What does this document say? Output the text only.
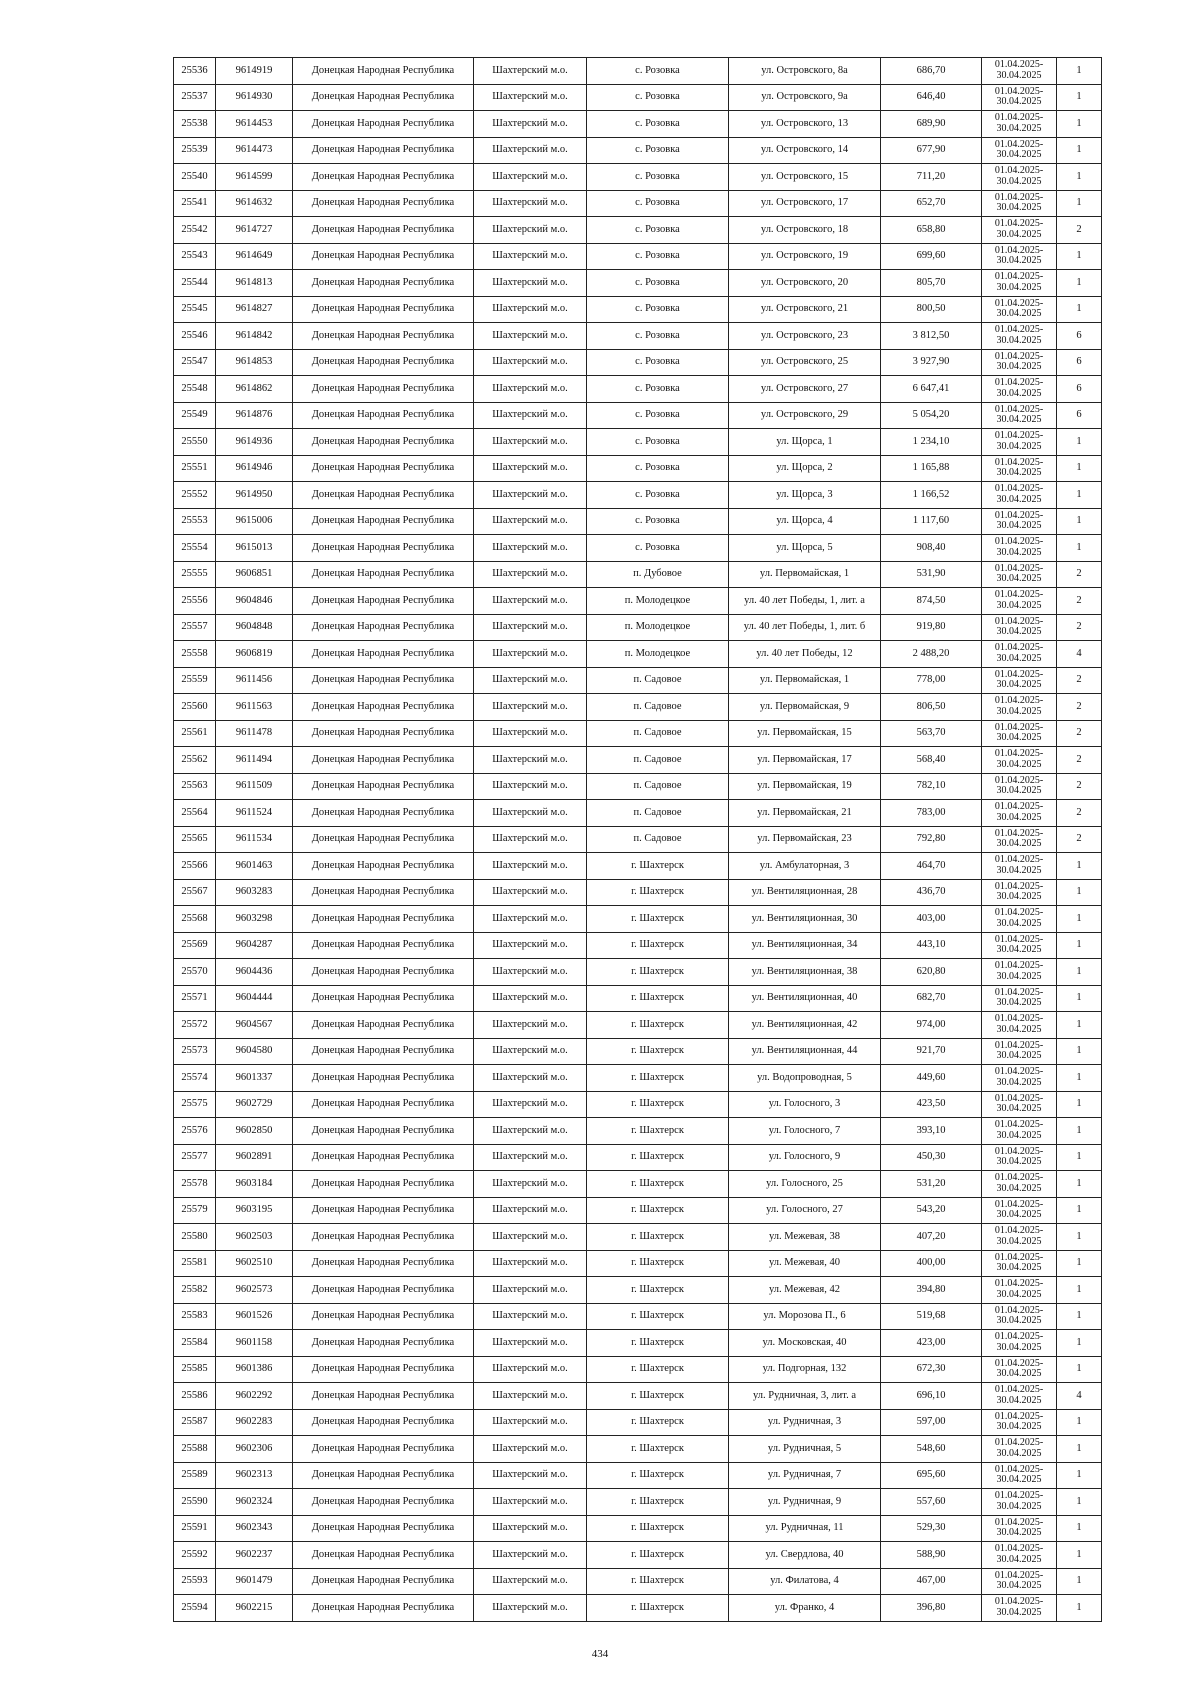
25536	9614919	Донецкая Народная Республика	Шахтерский м.о.	с. Розовка	ул. Островского, 8а	686,70	01.04.2025-30.04.2025	1
25537	9614930	Донецкая Народная Республика	Шахтерский м.о.	с. Розовка	ул. Островского, 9а	646,40	01.04.2025-30.04.2025	1
25538	9614453	Донецкая Народная Республика	Шахтерский м.о.	с. Розовка	ул. Островского, 13	689,90	01.04.2025-30.04.2025	1
25539	9614473	Донецкая Народная Республика	Шахтерский м.о.	с. Розовка	ул. Островского, 14	677,90	01.04.2025-30.04.2025	1
25540	9614599	Донецкая Народная Республика	Шахтерский м.о.	с. Розовка	ул. Островского, 15	711,20	01.04.2025-30.04.2025	1
25541	9614632	Донецкая Народная Республика	Шахтерский м.о.	с. Розовка	ул. Островского, 17	652,70	01.04.2025-30.04.2025	1
25542	9614727	Донецкая Народная Республика	Шахтерский м.о.	с. Розовка	ул. Островского, 18	658,80	01.04.2025-30.04.2025	2
25543	9614649	Донецкая Народная Республика	Шахтерский м.о.	с. Розовка	ул. Островского, 19	699,60	01.04.2025-30.04.2025	1
25544	9614813	Донецкая Народная Республика	Шахтерский м.о.	с. Розовка	ул. Островского, 20	805,70	01.04.2025-30.04.2025	1
25545	9614827	Донецкая Народная Республика	Шахтерский м.о.	с. Розовка	ул. Островского, 21	800,50	01.04.2025-30.04.2025	1
25546	9614842	Донецкая Народная Республика	Шахтерский м.о.	с. Розовка	ул. Островского, 23	3 812,50	01.04.2025-30.04.2025	6
25547	9614853	Донецкая Народная Республика	Шахтерский м.о.	с. Розовка	ул. Островского, 25	3 927,90	01.04.2025-30.04.2025	6
25548	9614862	Донецкая Народная Республика	Шахтерский м.о.	с. Розовка	ул. Островского, 27	6 647,41	01.04.2025-30.04.2025	6
25549	9614876	Донецкая Народная Республика	Шахтерский м.о.	с. Розовка	ул. Островского, 29	5 054,20	01.04.2025-30.04.2025	6
25550	9614936	Донецкая Народная Республика	Шахтерский м.о.	с. Розовка	ул. Щорса, 1	1 234,10	01.04.2025-30.04.2025	1
25551	9614946	Донецкая Народная Республика	Шахтерский м.о.	с. Розовка	ул. Щорса, 2	1 165,88	01.04.2025-30.04.2025	1
25552	9614950	Донецкая Народная Республика	Шахтерский м.о.	с. Розовка	ул. Щорса, 3	1 166,52	01.04.2025-30.04.2025	1
25553	9615006	Донецкая Народная Республика	Шахтерский м.о.	с. Розовка	ул. Щорса, 4	1 117,60	01.04.2025-30.04.2025	1
25554	9615013	Донецкая Народная Республика	Шахтерский м.о.	с. Розовка	ул. Щорса, 5	908,40	01.04.2025-30.04.2025	1
25555	9606851	Донецкая Народная Республика	Шахтерский м.о.	п. Дубовое	ул. Первомайская, 1	531,90	01.04.2025-30.04.2025	2
25556	9604846	Донецкая Народная Республика	Шахтерский м.о.	п. Молодецкое	ул. 40 лет Победы, 1, лит. а	874,50	01.04.2025-30.04.2025	2
25557	9604848	Донецкая Народная Республика	Шахтерский м.о.	п. Молодецкое	ул. 40 лет Победы, 1, лит. б	919,80	01.04.2025-30.04.2025	2
25558	9606819	Донецкая Народная Республика	Шахтерский м.о.	п. Молодецкое	ул. 40 лет Победы, 12	2 488,20	01.04.2025-30.04.2025	4
25559	9611456	Донецкая Народная Республика	Шахтерский м.о.	п. Садовое	ул. Первомайская, 1	778,00	01.04.2025-30.04.2025	2
25560	9611563	Донецкая Народная Республика	Шахтерский м.о.	п. Садовое	ул. Первомайская, 9	806,50	01.04.2025-30.04.2025	2
25561	9611478	Донецкая Народная Республика	Шахтерский м.о.	п. Садовое	ул. Первомайская, 15	563,70	01.04.2025-30.04.2025	2
25562	9611494	Донецкая Народная Республика	Шахтерский м.о.	п. Садовое	ул. Первомайская, 17	568,40	01.04.2025-30.04.2025	2
25563	9611509	Донецкая Народная Республика	Шахтерский м.о.	п. Садовое	ул. Первомайская, 19	782,10	01.04.2025-30.04.2025	2
25564	9611524	Донецкая Народная Республика	Шахтерский м.о.	п. Садовое	ул. Первомайская, 21	783,00	01.04.2025-30.04.2025	2
25565	9611534	Донецкая Народная Республика	Шахтерский м.о.	п. Садовое	ул. Первомайская, 23	792,80	01.04.2025-30.04.2025	2
25566	9601463	Донецкая Народная Республика	Шахтерский м.о.	г. Шахтерск	ул. Амбулаторная, 3	464,70	01.04.2025-30.04.2025	1
25567	9603283	Донецкая Народная Республика	Шахтерский м.о.	г. Шахтерск	ул. Вентиляционная, 28	436,70	01.04.2025-30.04.2025	1
25568	9603298	Донецкая Народная Республика	Шахтерский м.о.	г. Шахтерск	ул. Вентиляционная, 30	403,00	01.04.2025-30.04.2025	1
25569	9604287	Донецкая Народная Республика	Шахтерский м.о.	г. Шахтерск	ул. Вентиляционная, 34	443,10	01.04.2025-30.04.2025	1
25570	9604436	Донецкая Народная Республика	Шахтерский м.о.	г. Шахтерск	ул. Вентиляционная, 38	620,80	01.04.2025-30.04.2025	1
25571	9604444	Донецкая Народная Республика	Шахтерский м.о.	г. Шахтерск	ул. Вентиляционная, 40	682,70	01.04.2025-30.04.2025	1
25572	9604567	Донецкая Народная Республика	Шахтерский м.о.	г. Шахтерск	ул. Вентиляционная, 42	974,00	01.04.2025-30.04.2025	1
25573	9604580	Донецкая Народная Республика	Шахтерский м.о.	г. Шахтерск	ул. Вентиляционная, 44	921,70	01.04.2025-30.04.2025	1
25574	9601337	Донецкая Народная Республика	Шахтерский м.о.	г. Шахтерск	ул. Водопроводная, 5	449,60	01.04.2025-30.04.2025	1
25575	9602729	Донецкая Народная Республика	Шахтерский м.о.	г. Шахтерск	ул. Голосного, 3	423,50	01.04.2025-30.04.2025	1
25576	9602850	Донецкая Народная Республика	Шахтерский м.о.	г. Шахтерск	ул. Голосного, 7	393,10	01.04.2025-30.04.2025	1
25577	9602891	Донецкая Народная Республика	Шахтерский м.о.	г. Шахтерск	ул. Голосного, 9	450,30	01.04.2025-30.04.2025	1
25578	9603184	Донецкая Народная Республика	Шахтерский м.о.	г. Шахтерск	ул. Голосного, 25	531,20	01.04.2025-30.04.2025	1
25579	9603195	Донецкая Народная Республика	Шахтерский м.о.	г. Шахтерск	ул. Голосного, 27	543,20	01.04.2025-30.04.2025	1
25580	9602503	Донецкая Народная Республика	Шахтерский м.о.	г. Шахтерск	ул. Межевая, 38	407,20	01.04.2025-30.04.2025	1
25581	9602510	Донецкая Народная Республика	Шахтерский м.о.	г. Шахтерск	ул. Межевая, 40	400,00	01.04.2025-30.04.2025	1
25582	9602573	Донецкая Народная Республика	Шахтерский м.о.	г. Шахтерск	ул. Межевая, 42	394,80	01.04.2025-30.04.2025	1
25583	9601526	Донецкая Народная Республика	Шахтерский м.о.	г. Шахтерск	ул. Морозова П., 6	519,68	01.04.2025-30.04.2025	1
25584	9601158	Донецкая Народная Республика	Шахтерский м.о.	г. Шахтерск	ул. Московская, 40	423,00	01.04.2025-30.04.2025	1
25585	9601386	Донецкая Народная Республика	Шахтерский м.о.	г. Шахтерск	ул. Подгорная, 132	672,30	01.04.2025-30.04.2025	1
25586	9602292	Донецкая Народная Республика	Шахтерский м.о.	г. Шахтерск	ул. Рудничная, 3, лит. а	696,10	01.04.2025-30.04.2025	4
25587	9602283	Донецкая Народная Республика	Шахтерский м.о.	г. Шахтерск	ул. Рудничная, 3	597,00	01.04.2025-30.04.2025	1
25588	9602306	Донецкая Народная Республика	Шахтерский м.о.	г. Шахтерск	ул. Рудничная, 5	548,60	01.04.2025-30.04.2025	1
25589	9602313	Донецкая Народная Республика	Шахтерский м.о.	г. Шахтерск	ул. Рудничная, 7	695,60	01.04.2025-30.04.2025	1
25590	9602324	Донецкая Народная Республика	Шахтерский м.о.	г. Шахтерск	ул. Рудничная, 9	557,60	01.04.2025-30.04.2025	1
25591	9602343	Донецкая Народная Республика	Шахтерский м.о.	г. Шахтерск	ул. Рудничная, 11	529,30	01.04.2025-30.04.2025	1
25592	9602237	Донецкая Народная Республика	Шахтерский м.о.	г. Шахтерск	ул. Свердлова, 40	588,90	01.04.2025-30.04.2025	1
25593	9601479	Донецкая Народная Республика	Шахтерский м.о.	г. Шахтерск	ул. Филатова, 4	467,00	01.04.2025-30.04.2025	1
25594	9602215	Донецкая Народная Республика	Шахтерский м.о.	г. Шахтерск	ул. Франко, 4	396,80	01.04.2025-30.04.2025	1
434
